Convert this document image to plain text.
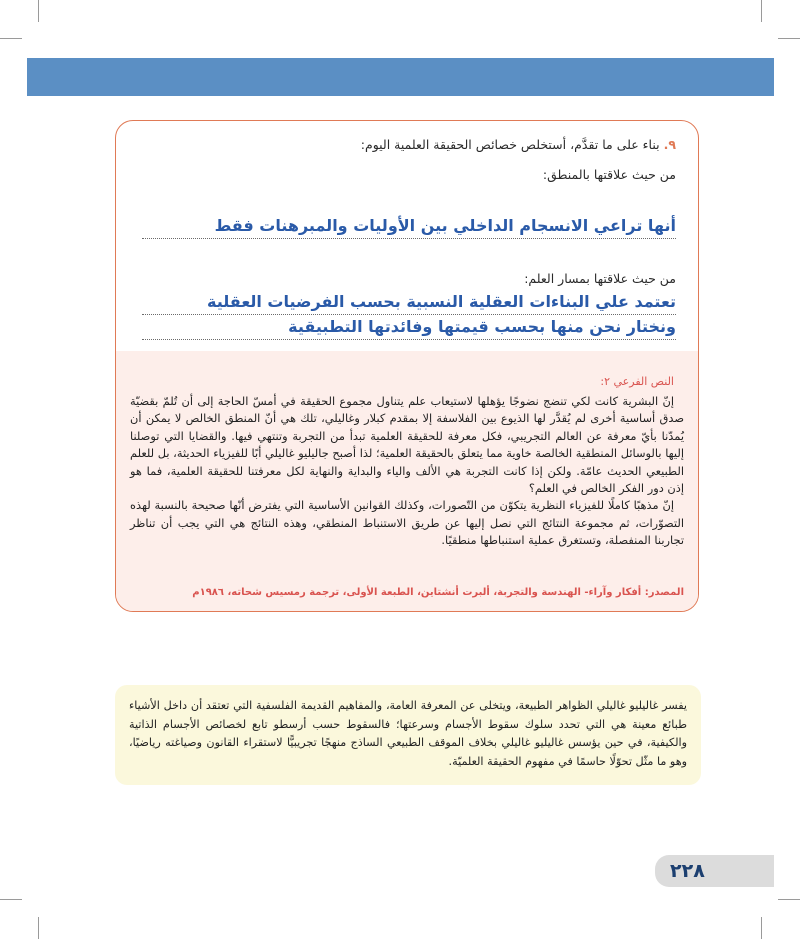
٩. بناء على ما تقدَّم، أستخلص خصائص الحقيقة العلمية اليوم:
من حيث علاقتها بالمنطق:
أنها تراعي الانسجام الداخلي بين الأوليات والمبرهنات فقط
من حيث علاقتها بمسار العلم:
تعتمد علي البناءات العقلية النسبية بحسب الفرضيات العقلية
ونختار نحن منها بحسب قيمتها وفائدتها التطبيقية
النص الفرعي ٢:

إنّ البشرية كانت لكي تنضج نضوجًا يؤهلها لاستيعاب علم يتناول مجموع الحقيقة في أمسّ الحاجة إلى أن تُلمّ بقضيّة صدق أساسية أخرى لم يُقدَّر لها الذيوع بين الفلاسفة إلا بمقدم كبلار وغاليلي، تلك هي أنّ المنطق الخالص لا يمكن أن يُمدّنا بأيّ معرفة عن العالم التجريبي، فكل معرفة للحقيقة العلمية تبدأ من التجربة وتنتهي فيها. والقضايا التي توصلنا إليها بالوسائل المنطقية الخالصة خاوية مما يتعلق بالحقيقة العلمية؛ لذا أصبح جاليليو غاليلي أبًا للفيزياء الحديثة، بل للعلم الطبيعي الحديث عامّة. ولكن إذا كانت التجربة هي الألف والياء والبداية والنهاية لكل معرفتنا للحقيقة العلمية، فما هو إذن دور الفكر الخالص في العلم؟

إنّ مذهبًا كاملًا للفيزياء النظرية يتكوّن من التّصورات، وكذلك القوانين الأساسية التي يفترض أنّها صحيحة بالنسبة لهذه التصوّرات، ثم مجموعة النتائج التي نصل إليها عن طريق الاستنباط المنطقي، وهذه النتائج هي التي يجب أن تناظر تجاربنا المنفصلة، وتستغرق عملية استنباطها منطقيًا.

المصدر: أفكار وآراء- الهندسة والتجربة، ألبرت أنشتاين، الطبعة الأولى، ترجمة رمسيس شحاته، ١٩٨٦م
يفسر غاليليو غاليلي الظواهر الطبيعة، ويتخلى عن المعرفة العامة، والمفاهيم القديمة الفلسفية التي تعتقد أن داخل الأشياء طبائع معينة هي التي تحدد سلوك سقوط الأجسام وسرعتها؛ فالسقوط حسب أرسطو تابع لخصائص الأجسام الذاتية والكيفية، في حين يؤسس غاليليو غاليلي بخلاف الموقف الطبيعي الساذج منهجًا تجريبيًّا لاستقراء القانون وصياغته رياضيًا، وهو ما مثّل تحوّلًا حاسمًا في مفهوم الحقيقة العلميّة.
٢٢٨
